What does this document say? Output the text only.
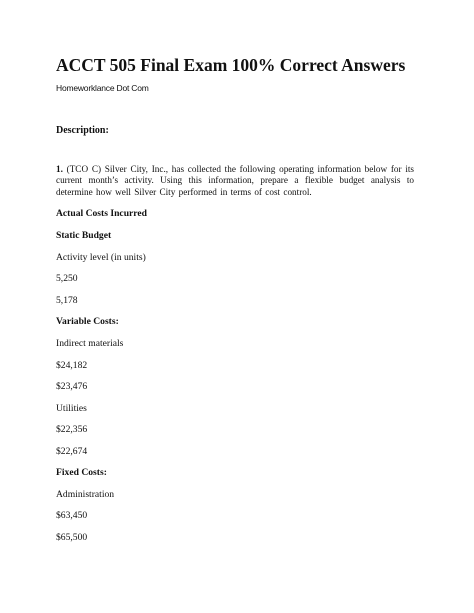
ACCT 505 Final Exam 100% Correct Answers
Homeworklance Dot Com
Description:
1. (TCO C) Silver City, Inc., has collected the following operating information below for its current month’s activity. Using this information, prepare a flexible budget analysis to determine how well Silver City performed in terms of cost control.
Actual Costs Incurred
Static Budget
Activity level (in units)
5,250
5,178
Variable Costs:
Indirect materials
$24,182
$23,476
Utilities
$22,356
$22,674
Fixed Costs:
Administration
$63,450
$65,500
